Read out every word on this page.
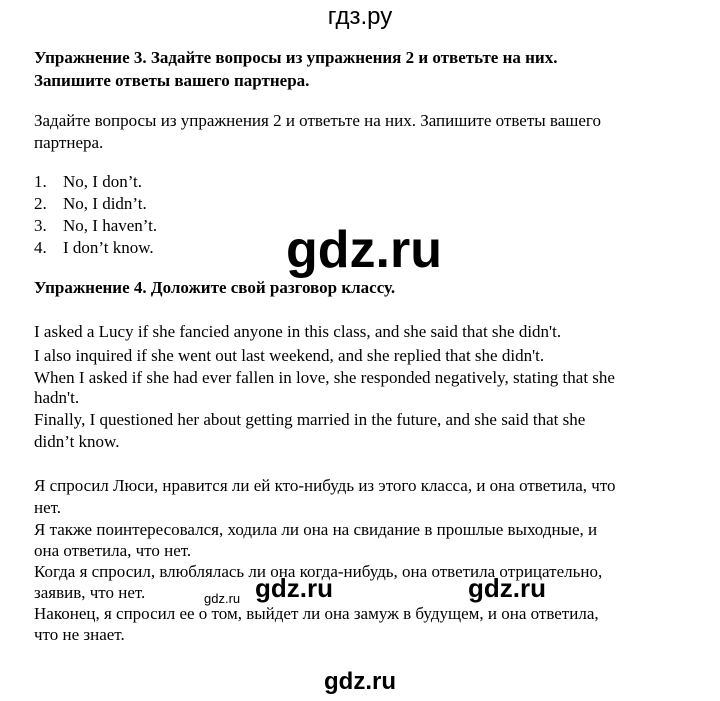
гдз.ру
Упражнение 3. Задайте вопросы из упражнения 2 и ответьте на них.
Запишите ответы вашего партнера.
Задайте вопросы из упражнения 2 и ответьте на них. Запишите ответы вашего
партнера.
1. No, I don’t.
2. No, I didn’t.
3. No, I haven’t.
4. I don’t know.
Упражнение 4. Доложите свой разговор классу.
I asked a Lucy if she fancied anyone in this class, and she said that she didn't.
I also inquired if she went out last weekend, and she replied that she didn't.
When I asked if she had ever fallen in love, she responded negatively, stating that she
hadn't.
Finally, I questioned her about getting married in the future, and she said that she
didn’t know.
Я спросил Люси, нравится ли ей кто-нибудь из этого класса, и она ответила, что
нет.
Я также поинтересовался, ходила ли она на свидание в прошлые выходные, и
она ответила, что нет.
Когда я спросил, влюблялась ли она когда-нибудь, она ответила отрицательно,
заявив, что нет.
Наконец, я спросил ее о том, выйдет ли она замуж в будущем, и она ответила,
что не знает.
gdz.ru
gdz.ru	gdz.ru
gdz.ru
gdz.ru
